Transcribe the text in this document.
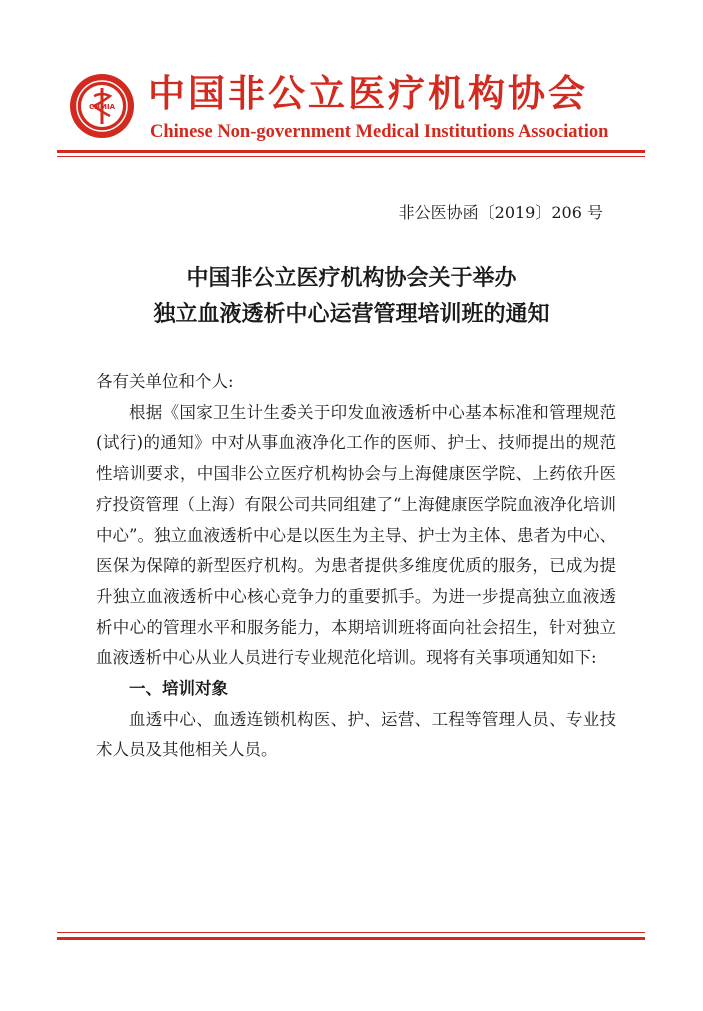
CNMIA 中国非公立医疗机构协会
Chinese Non-government Medical Institutions Association
非公医协函〔2019〕206 号
中国非公立医疗机构协会关于举办
独立血液透析中心运营管理培训班的通知

各有关单位和个人:

根据《国家卫生计生委关于印发血液透析中心基本标准和管理规范(试行)的通知》中对从事血液净化工作的医师、护士、技师提出的规范性培训要求，中国非公立医疗机构协会与上海健康医学院、上药依升医疗投资管理（上海）有限公司共同组建了“上海健康医学院血液净化培训中心”。独立血液透析中心是以医生为主导、护士为主体、患者为中心、医保为保障的新型医疗机构。为患者提供多维度优质的服务，已成为提升独立血液透析中心核心竞争力的重要抓手。为进一步提高独立血液透析中心的管理水平和服务能力，本期培训班将面向社会招生，针对独立血液透析中心从业人员进行专业规范化培训。现将有关事项通知如下:

一、培训对象

血透中心、血透连锁机构医、护、运营、工程等管理人员、专业技术人员及其他相关人员。
